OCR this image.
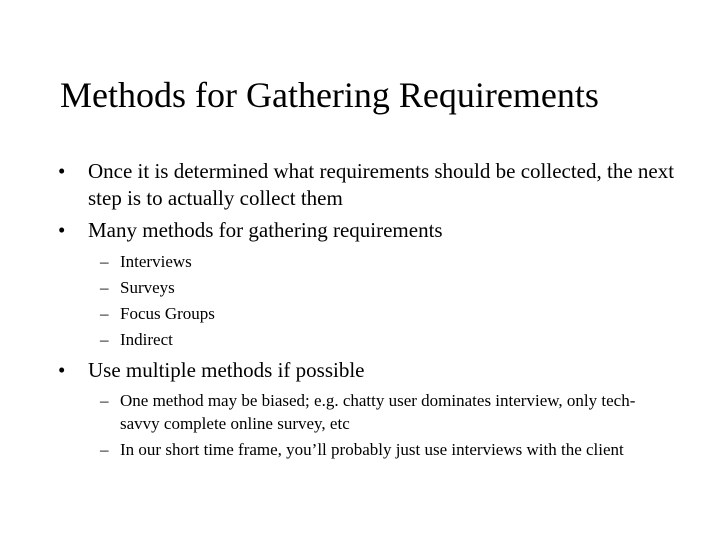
Methods for Gathering Requirements
•	Once it is determined what requirements should be collected, the next step is to actually collect them
•	Many methods for gathering requirements
– Interviews
– Surveys
– Focus Groups
– Indirect
•	Use multiple methods if possible
– One method may be biased; e.g. chatty user dominates interview, only tech-savvy complete online survey, etc
– In our short time frame, you’ll probably just use interviews with the client
